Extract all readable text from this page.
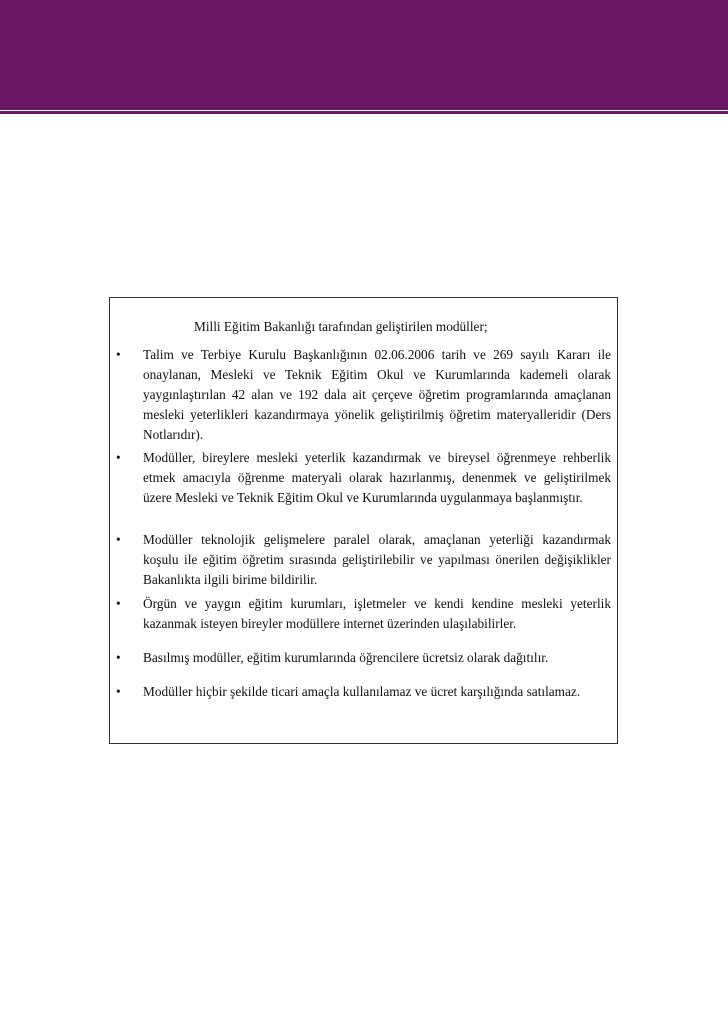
Milli Eğitim Bakanlığı tarafından geliştirilen modüller;
• Talim ve Terbiye Kurulu Başkanlığının 02.06.2006 tarih ve 269 sayılı Kararı ile onaylanan, Mesleki ve Teknik Eğitim Okul ve Kurumlarında kademeli olarak yaygınlaştırılan 42 alan ve 192 dala ait çerçeve öğretim programlarında amaçlanan mesleki yeterlikleri kazandırmaya yönelik geliştirilmiş öğretim materyalleridir (Ders Notlarıdır).
• Modüller, bireylere mesleki yeterlik kazandırmak ve bireysel öğrenmeye rehberlik etmek amacıyla öğrenme materyali olarak hazırlanmış, denenmek ve geliştirilmek üzere Mesleki ve Teknik Eğitim Okul ve Kurumlarında uygulanmaya başlanmıştır.
• Modüller teknolojik gelişmelere paralel olarak, amaçlanan yeterliği kazandırmak koşulu ile eğitim öğretim sırasında geliştirilebilir ve yapılması önerilen değişiklikler Bakanlıkta ilgili birime bildirilir.
• Örgün ve yaygın eğitim kurumları, işletmeler ve kendi kendine mesleki yeterlik kazanmak isteyen bireyler modüllere internet üzerinden ulaşılabilirler.
• Basılmış modüller, eğitim kurumlarında öğrencilere ücretsiz olarak dağıtılır.
• Modüller hiçbir şekilde ticari amaçla kullanılamaz ve ücret karşılığında satılamaz.
